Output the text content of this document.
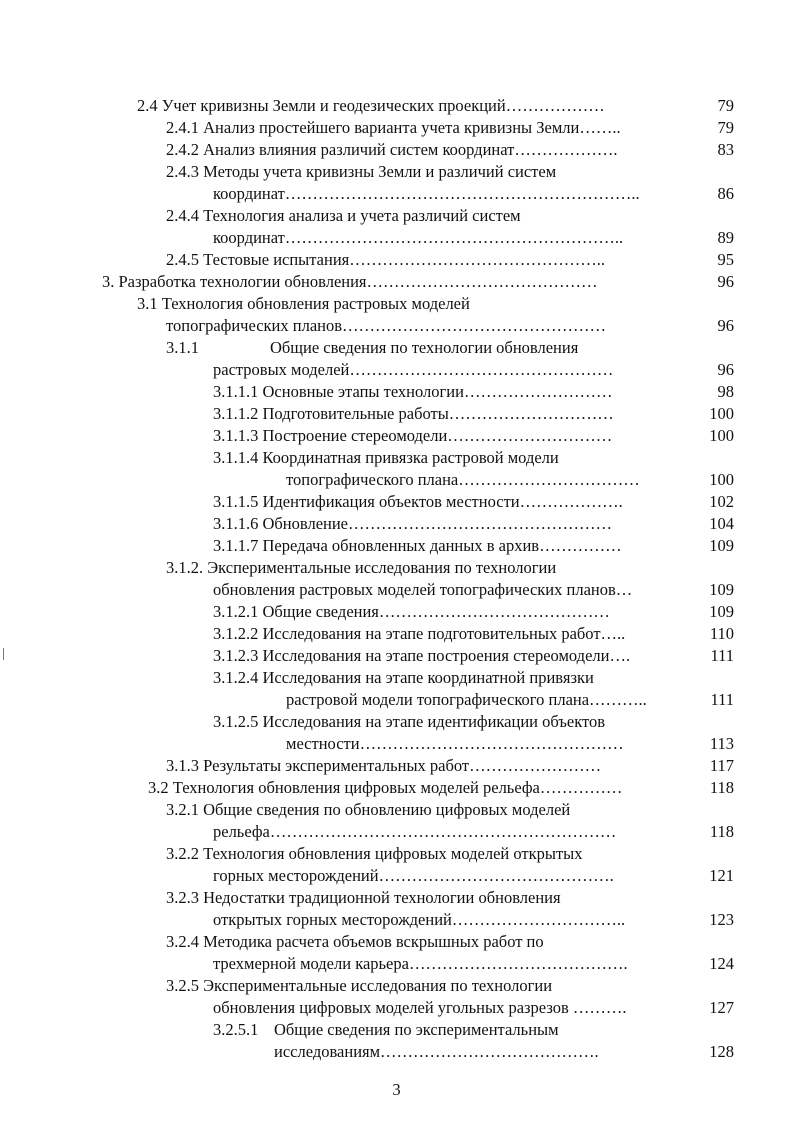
2.4 Учет кривизны Земли и геодезических проекций………………	79
2.4.1 Анализ простейшего варианта учета кривизны Земли……..	79
2.4.2 Анализ влияния различий систем координат……………….	83
2.4.3 Методы учета кривизны Земли и различий систем
координат………………………………………………………..	86
2.4.4 Технология анализа и учета различий систем
координат……………………………………………………..	89
2.4.5 Тестовые испытания………………………………………..	95
3. Разработка технологии обновления……………………………………	96
3.1 Технология обновления растровых моделей
топографических планов…………………………………………	96
3.1.1	Общие сведения по технологии обновления
растровых моделей…………………………………………	96
3.1.1.1 Основные этапы технологии………………………	98
3.1.1.2 Подготовительные работы…………………………	100
3.1.1.3 Построение стереомодели…………………………	100
3.1.1.4 Координатная привязка растровой модели
топографического плана……………………………	100
3.1.1.5 Идентификация объектов местности……………….	102
3.1.1.6 Обновление…………………………………………	104
3.1.1.7 Передача обновленных данных в архив……………	109
3.1.2. Экспериментальные исследования по технологии
обновления растровых моделей топографических планов…	109
3.1.2.1 Общие сведения……………………………………	109
3.1.2.2 Исследования на этапе подготовительных работ…..	110
3.1.2.3 Исследования на этапе построения стереомодели….	111
3.1.2.4 Исследования на этапе координатной привязки
растровой модели топографического плана………..	111
3.1.2.5 Исследования на этапе идентификации объектов
местности…………………………………………	113
3.1.3 Результаты экспериментальных работ……………………	117
3.2 Технология обновления цифровых моделей рельефа……………	118
3.2.1 Общие сведения по обновлению цифровых моделей
рельефа………………………………………………………	118
3.2.2 Технология обновления цифровых моделей открытых
горных месторождений…………………………………….	121
3.2.3 Недостатки традиционной технологии обновления
открытых горных месторождений…………………………..	123
3.2.4 Методика расчета объемов вскрышных работ по
трехмерной модели карьера………………………………….	124
3.2.5 Экспериментальные исследования по технологии
обновления цифровых моделей угольных разрезов ……….	127
3.2.5.1 Общие сведения по экспериментальным
исследованиям………………………………….	128
3
